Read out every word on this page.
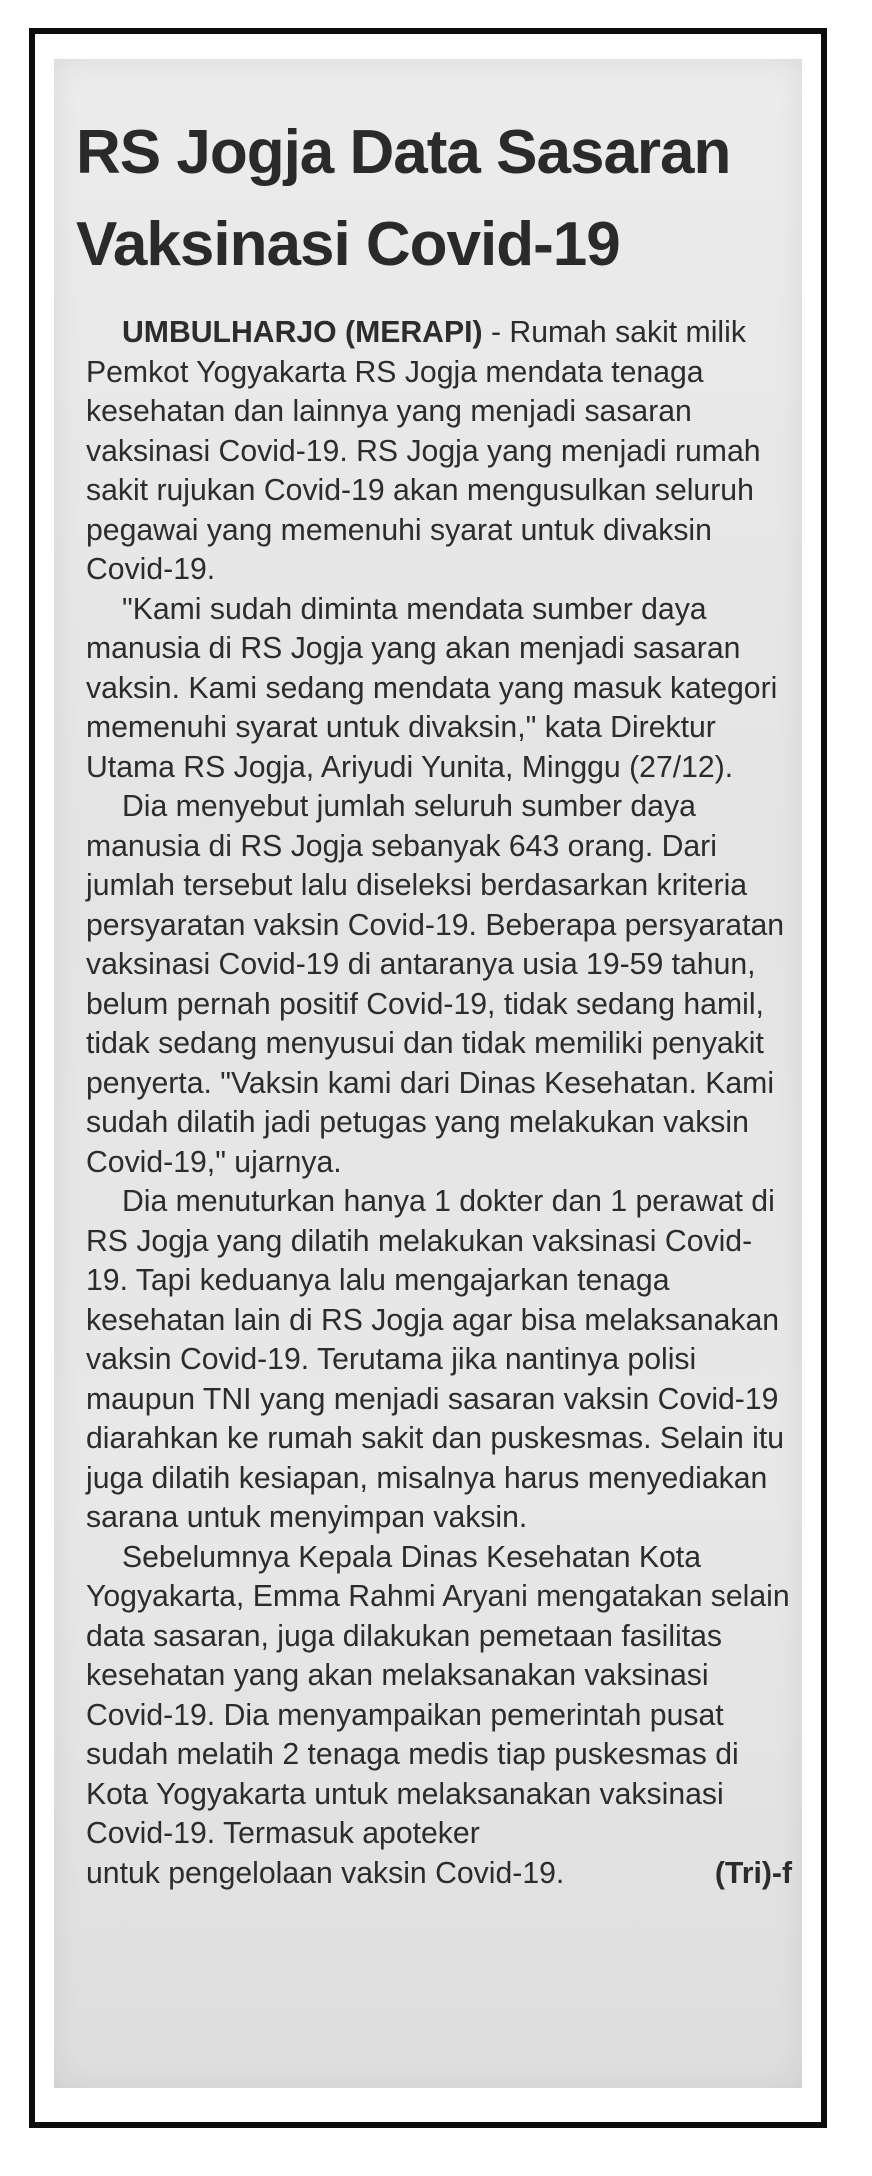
RS Jogja Data Sasaran Vaksinasi Covid-19

UMBULHARJO (MERAPI) - Rumah sakit milik Pemkot Yogyakarta RS Jogja mendata tenaga kesehatan dan lainnya yang menjadi sasaran vaksinasi Covid-19. RS Jogja yang menjadi rumah sakit rujukan Covid-19 akan mengusulkan seluruh pegawai yang memenuhi syarat untuk divaksin Covid-19.

"Kami sudah diminta mendata sumber daya manusia di RS Jogja yang akan menjadi sasaran vaksin. Kami sedang mendata yang masuk kategori memenuhi syarat untuk divaksin," kata Direktur Utama RS Jogja, Ariyudi Yunita, Minggu (27/12).

Dia menyebut jumlah seluruh sumber daya manusia di RS Jogja sebanyak 643 orang. Dari jumlah tersebut lalu diseleksi berdasarkan kriteria persyaratan vaksin Covid-19. Beberapa persyaratan vaksinasi Covid-19 di antaranya usia 19-59 tahun, belum pernah positif Covid-19, tidak sedang hamil, tidak sedang menyusui dan tidak memiliki penyakit penyerta. "Vaksin kami dari Dinas Kesehatan. Kami sudah dilatih jadi petugas yang melakukan vaksin Covid-19," ujarnya.

Dia menuturkan hanya 1 dokter dan 1 perawat di RS Jogja yang dilatih melakukan vaksinasi Covid-19. Tapi keduanya lalu mengajarkan tenaga kesehatan lain di RS Jogja agar bisa melaksanakan vaksin Covid-19. Terutama jika nantinya polisi maupun TNI yang menjadi sasaran vaksin Covid-19 diarahkan ke rumah sakit dan puskesmas. Selain itu juga dilatih kesiapan, misalnya harus menyediakan sarana untuk menyimpan vaksin.

Sebelumnya Kepala Dinas Kesehatan Kota Yogyakarta, Emma Rahmi Aryani mengatakan selain data sasaran, juga dilakukan pemetaan fasilitas kesehatan yang akan melaksanakan vaksinasi Covid-19. Dia menyampaikan pemerintah pusat sudah melatih 2 tenaga medis tiap puskesmas di Kota Yogyakarta untuk melaksanakan vaksinasi Covid-19. Termasuk apoteker

untuk pengelolaan vaksin Covid-19.	(Tri)-f
